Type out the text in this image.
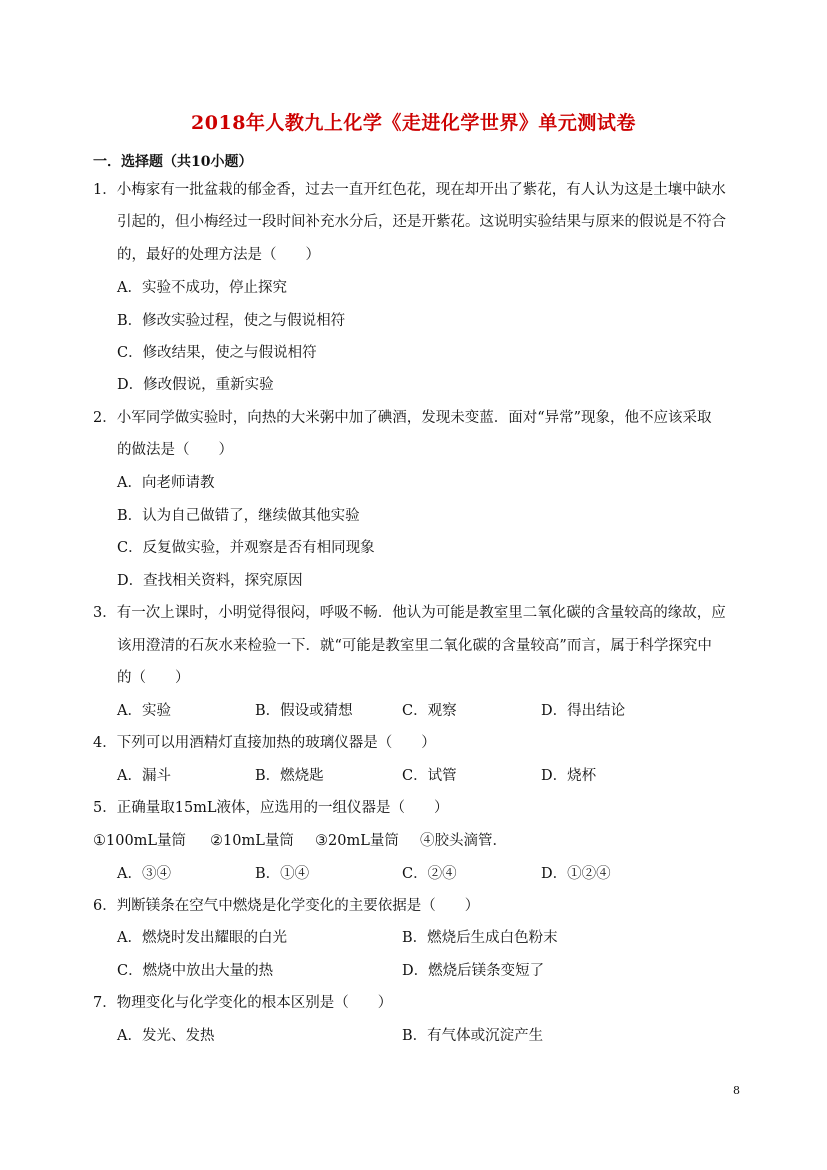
2018年人教九上化学《走进化学世界》单元测试卷
一．选择题（共10小题）
1．小梅家有一批盆栽的郁金香，过去一直开红色花，现在却开出了紫花，有人认为这是土壤中缺水
引起的，但小梅经过一段时间补充水分后，还是开紫花。这说明实验结果与原来的假说是不符合
的，最好的处理方法是（　　）
A．实验不成功，停止探究
B．修改实验过程，使之与假说相符
C．修改结果，使之与假说相符
D．修改假说，重新实验
2．小军同学做实验时，向热的大米粥中加了碘酒，发现未变蓝．面对“异常”现象，他不应该采取
的做法是（　　）
A．向老师请教
B．认为自己做错了，继续做其他实验
C．反复做实验，并观察是否有相同现象
D．查找相关资料，探究原因
3．有一次上课时，小明觉得很闷，呼吸不畅．他认为可能是教室里二氧化碳的含量较高的缘故，应
该用澄清的石灰水来检验一下．就“可能是教室里二氧化碳的含量较高”而言，属于科学探究中
的（　　）
A．实验	B．假设或猜想	C．观察	D．得出结论
4．下列可以用酒精灯直接加热的玻璃仪器是（　　）
A．漏斗	B．燃烧匙	C．试管	D．烧杯
5．正确量取15mL液体，应选用的一组仪器是（　　）
①100mL量筒 ②10mL量筒 ③20mL量筒 ④胶头滴管．
A．③④	B．①④	C．②④	D．①②④
6．判断镁条在空气中燃烧是化学变化的主要依据是（　　）
A．燃烧时发出耀眼的白光	B．燃烧后生成白色粉末
C．燃烧中放出大量的热	D．燃烧后镁条变短了
7．物理变化与化学变化的根本区别是（　　）
A．发光、发热	B．有气体或沉淀产生
8
